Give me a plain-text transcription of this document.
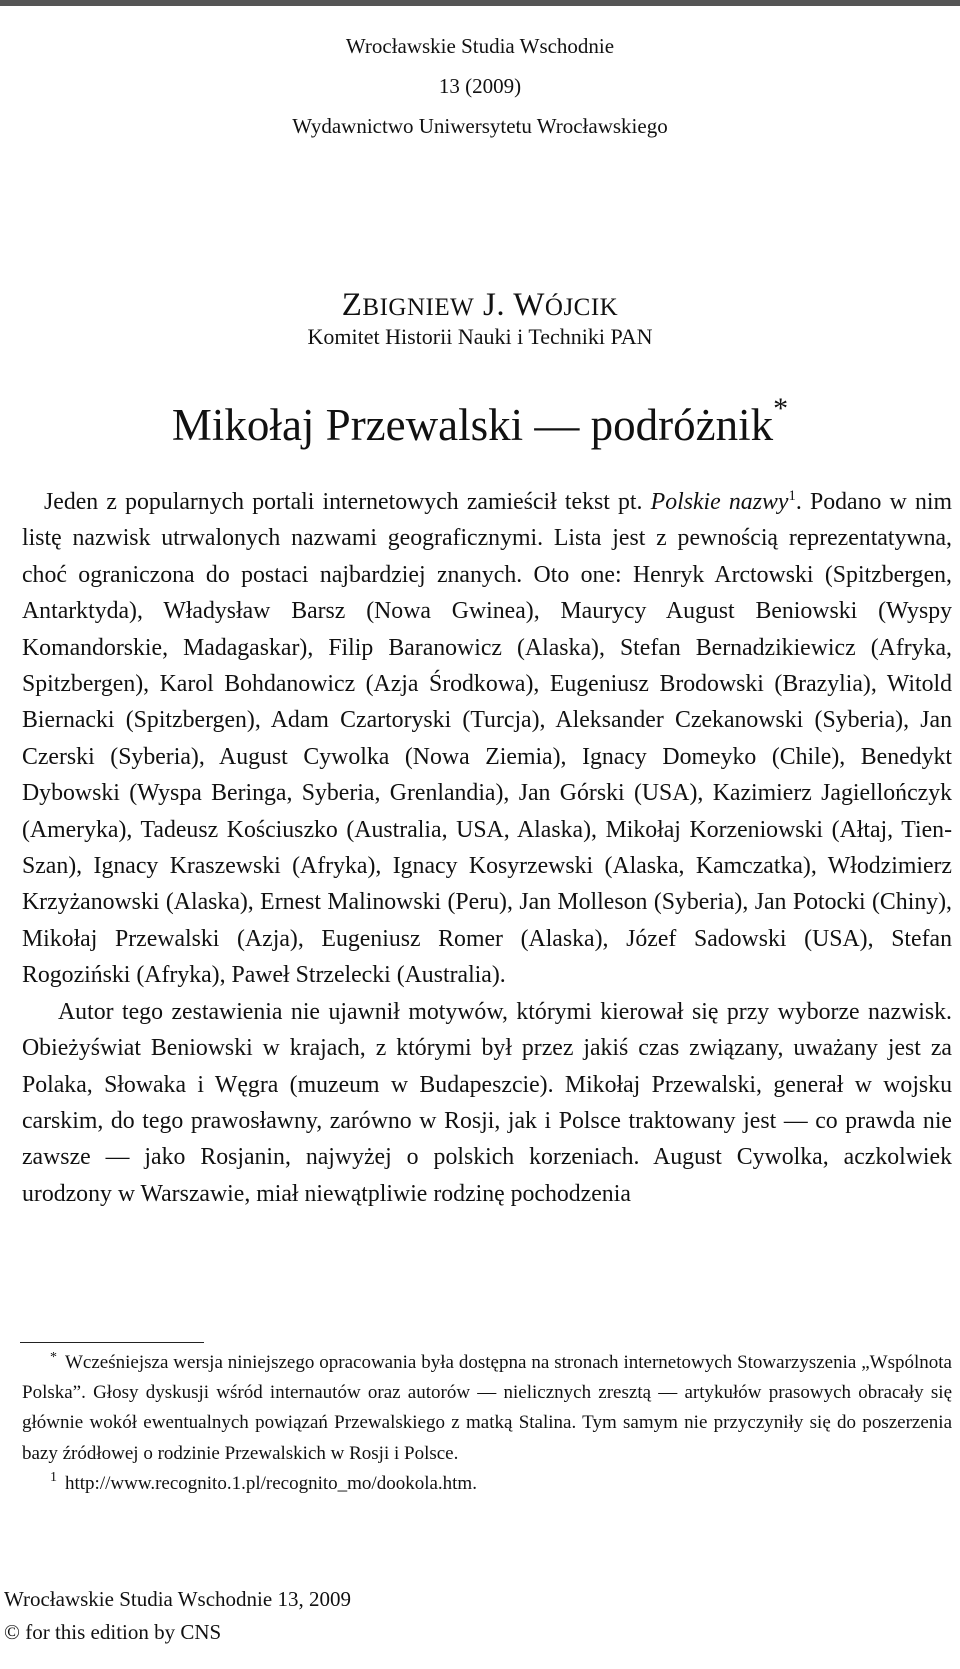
Wrocławskie Studia Wschodnie
13 (2009)
Wydawnictwo Uniwersytetu Wrocławskiego
ZBIGNIEW J. WÓJCIK
Komitet Historii Nauki i Techniki PAN
Mikołaj Przewalski — podróżnik*

Jeden z popularnych portali internetowych zamieścił tekst pt. Polskie nazwy$^1$. Podano w nim listę nazwisk utrwalonych nazwami geograficznymi. Lista jest z pewnością reprezentatywna, choć ograniczona do postaci najbardziej znanych. Oto one: Henryk Arctowski (Spitzbergen, Antarktyda), Władysław Barsz (Nowa Gwinea), Maurycy August Beniowski (Wyspy Komandorskie, Madagaskar), Filip Baranowicz (Alaska), Stefan Bernadzikiewicz (Afryka, Spitzbergen), Karol Bohdanowicz (Azja Środkowa), Eugeniusz Brodowski (Brazylia), Witold Biernacki (Spitzbergen), Adam Czartoryski (Turcja), Aleksander Czekanowski (Syberia), Jan Czerski (Syberia), August Cywolka (Nowa Ziemia), Ignacy Domeyko (Chile), Benedykt Dybowski (Wyspa Beringa, Syberia, Grenlandia), Jan Górski (USA), Kazimierz Jagiellończyk (Ameryka), Tadeusz Kościuszko (Australia, USA, Alaska), Mikołaj Korzeniowski (Ałtaj, Tien-Szan), Ignacy Kraszewski (Afryka), Ignacy Kosyrzewski (Alaska, Kamczatka), Włodzimierz Krzyżanowski (Alaska), Ernest Malinowski (Peru), Jan Molleson (Syberia), Jan Potocki (Chiny), Mikołaj Przewalski (Azja), Eugeniusz Romer (Alaska), Józef Sadowski (USA), Stefan Rogoziński (Afryka), Paweł Strzelecki (Australia).

Autor tego zestawienia nie ujawnił motywów, którymi kierował się przy wyborze nazwisk. Obieżyświat Beniowski w krajach, z którymi był przez jakiś czas związany, uważany jest za Polaka, Słowaka i Węgra (muzeum w Budapeszcie). Mikołaj Przewalski, generał w wojsku carskim, do tego prawosławny, zarówno w Rosji, jak i Polsce traktowany jest — co prawda nie zawsze — jako Rosjanin, najwyżej o polskich korzeniach. August Cywolka, aczkolwiek urodzony w Warszawie, miał niewątpliwie rodzinę pochodzenia

* Wcześniejsza wersja niniejszego opracowania była dostępna na stronach internetowych Stowarzyszenia „Wspólnota Polska”. Głosy dyskusji wśród internautów oraz autorów — nielicznych zresztą — artykułów prasowych obracały się głównie wokół ewentualnych powiązań Przewalskiego z matką Stalina. Tym samym nie przyczyniły się do poszerzenia bazy źródłowej o rodzinie Przewalskich w Rosji i Polsce.

$^1$ http://www.recognito.1.pl/recognito_mo/dookola.htm.

Wrocławskie Studia Wschodnie 13, 2009
© for this edition by CNS
